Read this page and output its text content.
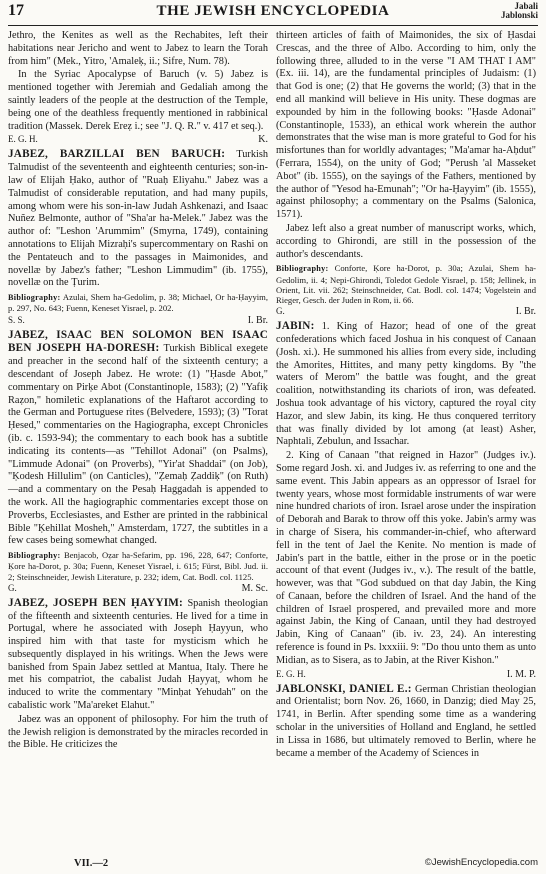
17	THE JEWISH ENCYCLOPEDIA	Jabali
Jablonski

Jethro, the Kenites as well as the Rechabites, left their habitations near Jericho and went to Jabez to learn the Torah from him" (Mek., Yitro, 'Amaleḳ, ii.; Sifre, Num. 78).

In the Syriac Apocalypse of Baruch (v. 5) Jabez is mentioned together with Jeremiah and Gedaliah among the saintly leaders of the people at the destruction of the Temple, being one of the deathless frequently mentioned in rabbinical tradition (Massek. Derek Ereẓ i.; see "J. Q. R." v. 417 et seq.).

E. G. H.	K.

JABEZ, BARZILLAI BEN BARUCH: Turkish Talmudist of the seventeenth and eighteenth centuries; son-in-law of Elijah Ḥako, author of "Ruaḥ Eliyahu." Jabez was a Talmudist of considerable reputation, and had many pupils, among whom were his son-in-law Judah Ashkenazi, and Isaac Nuñez Belmonte, author of "Sha'ar ha-Melek." Jabez was the author of: "Leshon 'Arummim" (Smyrna, 1749), containing annotations to Elijah Mizraḥi's supercommentary on Rashi on the Pentateuch and to the passages in Maimonides, and novellæ by Jabez's father; "Leshon Limmudim" (ib. 1755), novellæ on the Ṭurim.

Bibliography: Azulai, Shem ha-Gedolim, p. 38; Michael, Or ha-Ḥayyim, p. 297, No. 643; Fuenn, Keneset Yisrael, p. 202.

S. S.	I. Br.

JABEZ, ISAAC BEN SOLOMON BEN ISAAC BEN JOSEPH HA-DORESH: Turkish Biblical exegete and preacher in the second half of the sixteenth century; a descendant of Joseph Jabez. He wrote: (1) "Ḥasde Abot," commentary on Pirḳe Abot (Constantinople, 1583); (2) "Yafiḳ Raẓon," homiletic explanations of the Haftarot according to the German and Portuguese rites (Belvedere, 1593); (3) "Torat Ḥesed," commentaries on the Hagiographa, except Chronicles (ib. c. 1593-94); the commentary to each book has a subtitle indicating its contents—as "Tehillot Adonai" (on Psalms), "Limmude Adonai" (on Proverbs), "Yir'at Shaddai" (on Job), "Ḳodesh Hillulim" (on Canticles), "Ẓemaḥ Ẓaddiḳ" (on Ruth)—and a commentary on the Pesaḥ Haggadah is appended to the work. All the hagiographic commentaries except those on Proverbs, Ecclesiastes, and Esther are printed in the rabbinical Bible "Ḳehillat Mosheh," Amsterdam, 1727, the subtitles in a few cases being somewhat changed.

Bibliography: Benjacob, Oẓar ha-Sefarim, pp. 196, 228, 647; Conforte, Ḳore ha-Dorot, p. 30a; Fuenn, Keneset Yisrael, i. 615; Fürst, Bibl. Jud. ii. 2; Steinschneider, Jewish Literature, p. 232; idem, Cat. Bodl. col. 1125.

G.	M. Sc.

JABEZ, JOSEPH BEN ḤAYYIM: Spanish theologian of the fifteenth and sixteenth centuries. He lived for a time in Portugal, where he associated with Joseph Ḥayyun, who inspired him with that taste for mysticism which he subsequently displayed in his writings. When the Jews were banished from Spain Jabez settled at Mantua, Italy. There he met his compatriot, the cabalist Judah Ḥayyaṭ, whom he induced to write the commentary "Minḥat Yehudah" on the cabalistic work "Ma'areket Elahut."

Jabez was an opponent of philosophy. For him the truth of the Jewish religion is demonstrated by the miracles recorded in the Bible. He criticizes the

thirteen articles of faith of Maimonides, the six of Ḥasdai Crescas, and the three of Albo. According to him, only the following three, alluded to in the verse "I AM THAT I AM" (Ex. iii. 14), are the fundamental principles of Judaism: (1) that God is one; (2) that He governs the world; (3) that in the end all mankind will believe in His unity. These dogmas are expounded by him in the following books: "Ḥasde Adonai" (Constantinople, 1533), an ethical work wherein the author demonstrates that the wise man is more grateful to God for his misfortunes than for worldly advantages; "Ma'amar ha-Aḥdut" (Ferrara, 1554), on the unity of God; "Perush 'al Masseket Abot" (ib. 1555), on the sayings of the Fathers, mentioned by the author of "Yesod ha-Emunah"; "Or ha-Ḥayyim" (ib. 1555), against philosophy; a commentary on the Psalms (Salonica, 1571).

Jabez left also a great number of manuscript works, which, according to Ghirondi, are still in the possession of the author's descendants.

Bibliography: Conforte, Ḳore ha-Dorot, p. 30a; Azulai, Shem ha-Gedolim, ii. 4; Nepi-Ghirondi, Toledot Gedole Yisrael, p. 158; Jellinek, in Orient, Lit. vii. 262; Steinschneider, Cat. Bodl. col. 1474; Vogelstein and Rieger, Gesch. der Juden in Rom, ii. 66.

G.	I. Br.

JABIN: 1. King of Hazor; head of one of the great confederations which faced Joshua in his conquest of Canaan (Josh. xi.). He summoned his allies from every side, including the Amorites, Hittites, and many petty kingdoms. By "the waters of Merom" the battle was fought, and the great coalition, notwithstanding its chariots of iron, was defeated. Joshua took advantage of his victory, captured the royal city Hazor, and slew Jabin, its king. He thus conquered territory that was finally divided by lot among (at least) Asher, Naphtali, Zebulun, and Issachar.

2. King of Canaan "that reigned in Hazor" (Judges iv.). Some regard Josh. xi. and Judges iv. as referring to one and the same event. This Jabin appears as an oppressor of Israel for twenty years, whose most formidable instruments of war were nine hundred chariots of iron. Israel arose under the inspiration of Deborah and Barak to throw off this yoke. Jabin's army was in charge of Sisera, his commander-in-chief, who afterward fell in the tent of Jael the Kenite. No mention is made of Jabin's part in the battle, either in the prose or in the poetic account of that event (Judges iv., v.). The result of the battle, however, was that "God subdued on that day Jabin, the King of Canaan, before the children of Israel. And the hand of the children of Israel prospered, and prevailed more and more against Jabin, the King of Canaan, until they had destroyed Jabin, King of Canaan" (ib. iv. 23, 24). An interesting reference is found in Ps. lxxxiii. 9: "Do thou unto them as unto Midian, as to Sisera, as to Jabin, at the River Kishon."

E. G. H.	I. M. P.

JABLONSKI, DANIEL E.: German Christian theologian and Orientalist; born Nov. 26, 1660, in Danzig; died May 25, 1741, in Berlin. After spending some time as a wandering scholar in the universities of Holland and England, he settled in Lissa in 1686, but ultimately removed to Berlin, where he became a member of the Academy of Sciences in

VII.—2	©JewishEncyclopedia.com
